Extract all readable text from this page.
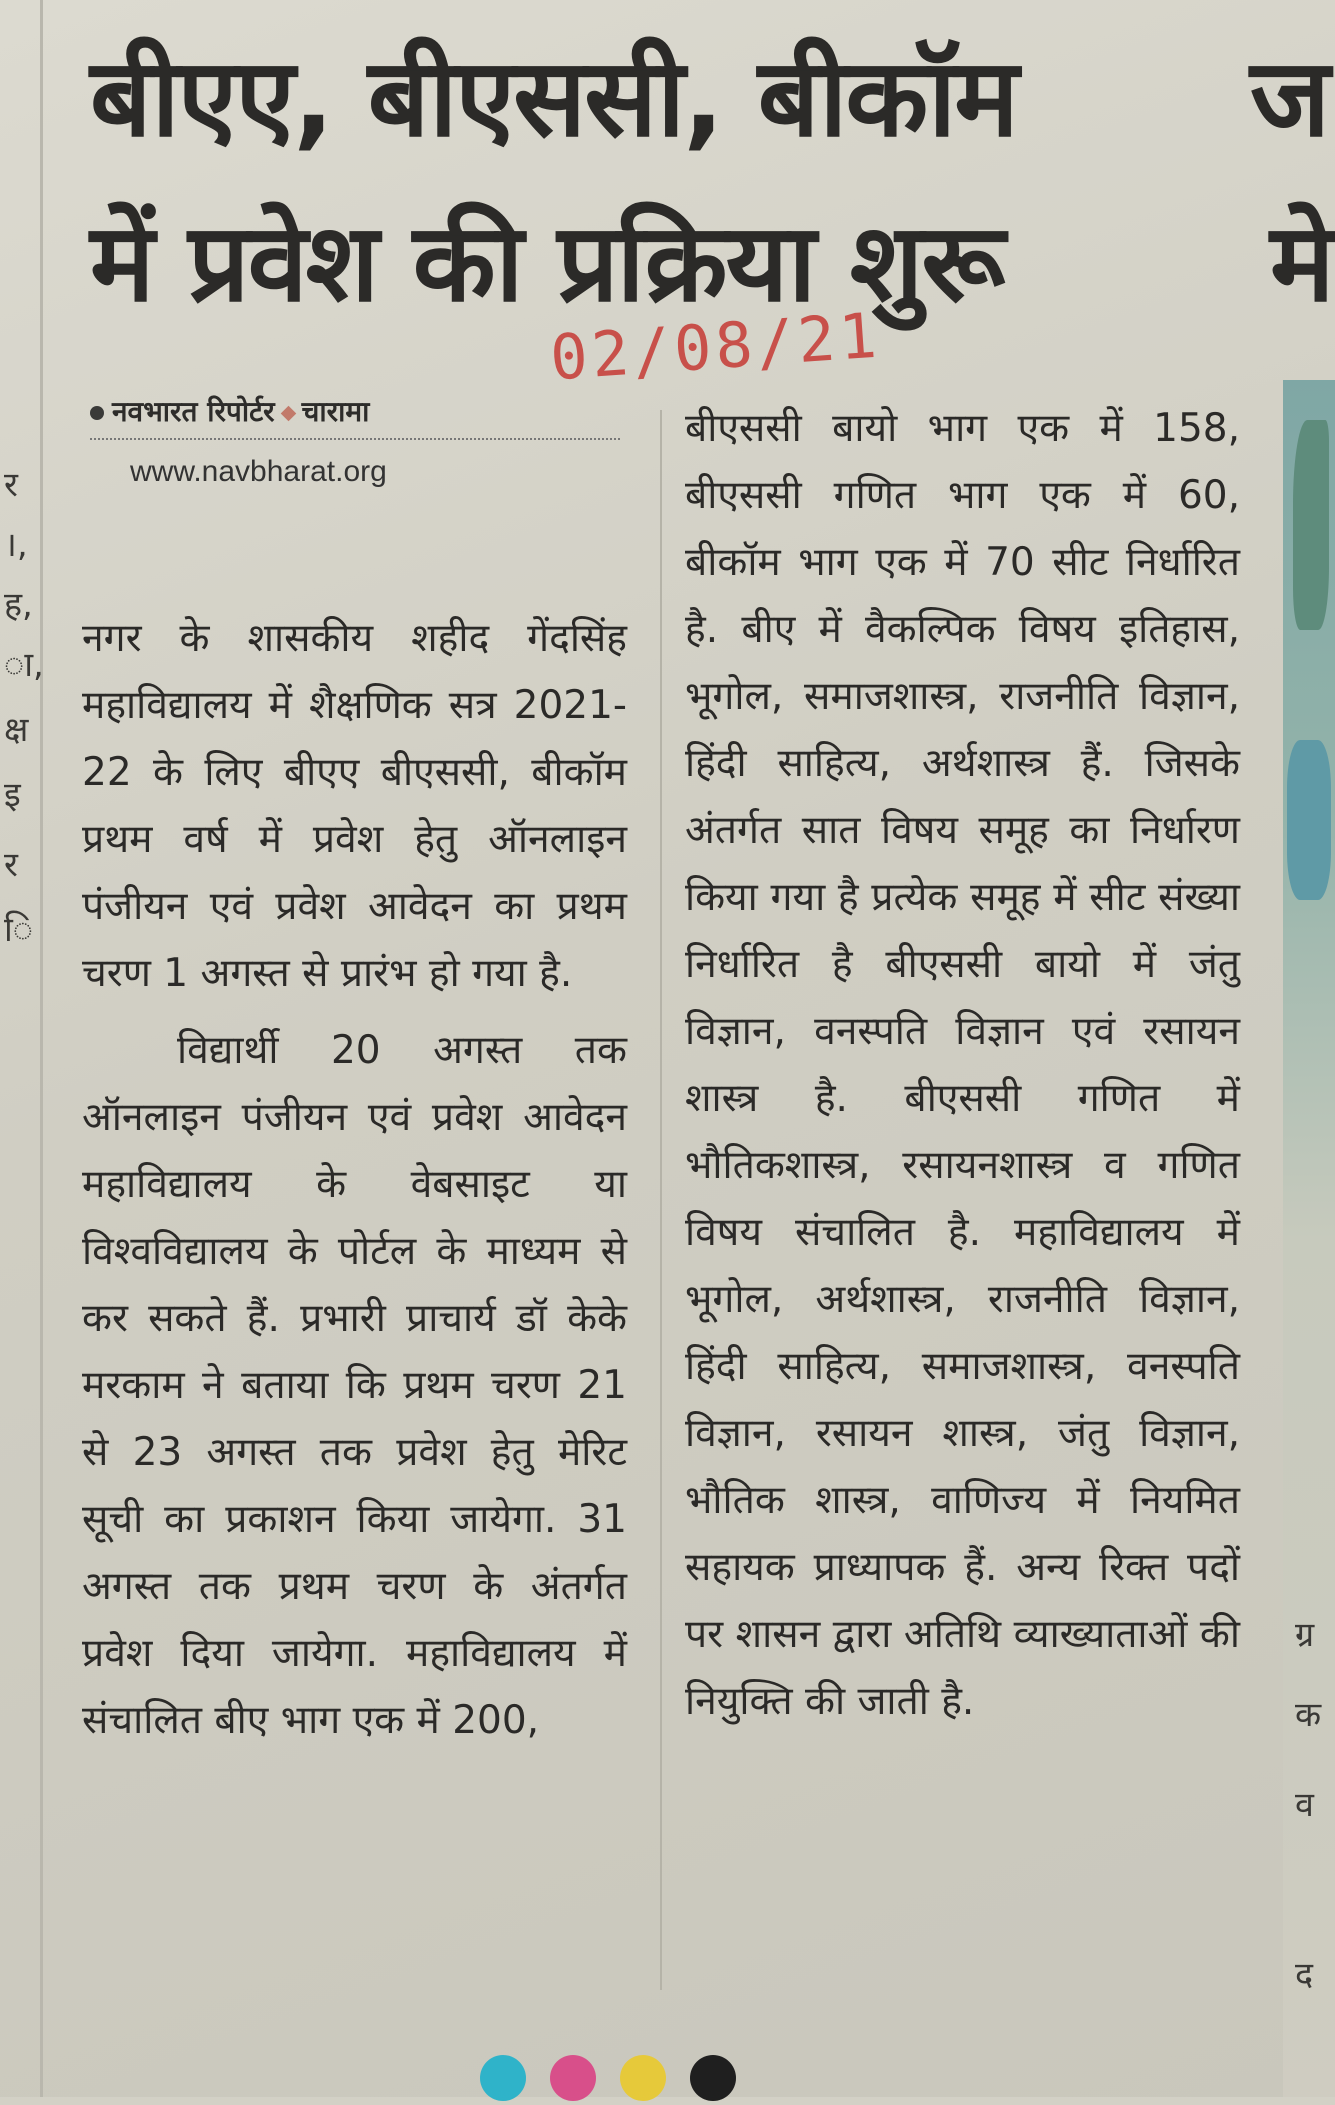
र
।,
ह,
ा,
क्ष
इ
र
ि
ग्र
क
व
द
बीएए, बीएससी, बीकॉम
में प्रवेश की प्रक्रिया शुरू
ज
मे
02/08/21
नवभारत रिपोर्टर चारामा
www.navbharat.org

नगर के शासकीय शहीद गेंदसिंह महाविद्यालय में शैक्षणिक सत्र 2021-22 के लिए बीएए बीएससी, बीकॉम प्रथम वर्ष में प्रवेश हेतु ऑनलाइन पंजीयन एवं प्रवेश आवेदन का प्रथम चरण 1 अगस्त से प्रारंभ हो गया है.

विद्यार्थी 20 अगस्त तक ऑनलाइन पंजीयन एवं प्रवेश आवेदन महाविद्यालय के वेबसाइट या विश्वविद्यालय के पोर्टल के माध्यम से कर सकते हैं. प्रभारी प्राचार्य डॉ केके मरकाम ने बताया कि प्रथम चरण 21 से 23 अगस्त तक प्रवेश हेतु मेरिट सूची का प्रकाशन किया जायेगा. 31 अगस्त तक प्रथम चरण के अंतर्गत प्रवेश दिया जायेगा. महाविद्यालय में संचालित बीए भाग एक में 200,

बीएससी बायो भाग एक में 158, बीएससी गणित भाग एक में 60, बीकॉम भाग एक में 70 सीट निर्धारित है. बीए में वैकल्पिक विषय इतिहास, भूगोल, समाजशास्त्र, राजनीति विज्ञान, हिंदी साहित्य, अर्थशास्त्र हैं. जिसके अंतर्गत सात विषय समूह का निर्धारण किया गया है प्रत्येक समूह में सीट संख्या निर्धारित है बीएससी बायो में जंतु विज्ञान, वनस्पति विज्ञान एवं रसायन शास्त्र है. बीएससी गणित में भौतिकशास्त्र, रसायनशास्त्र व गणित विषय संचालित है. महाविद्यालय में भूगोल, अर्थशास्त्र, राजनीति विज्ञान, हिंदी साहित्य, समाजशास्त्र, वनस्पति विज्ञान, रसायन शास्त्र, जंतु विज्ञान, भौतिक शास्त्र, वाणिज्य में नियमित सहायक प्राध्यापक हैं. अन्य रिक्त पदों पर शासन द्वारा अतिथि व्याख्याताओं की नियुक्ति की जाती है.
